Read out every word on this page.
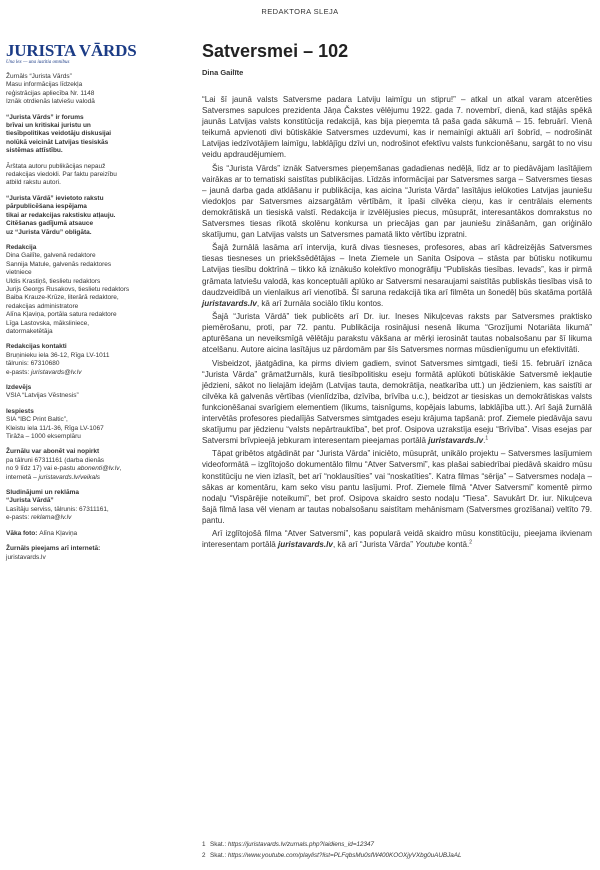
REDAKTORA SLEJA
JURISTA VĀRDS
Una lex — una iustitia omnibus
Žurnāls “Jurista Vārds”
Masu informācijas līdzekļa
reģistrācijas apliecība Nr. 1148
Iznāk otrdienās latviešu valodā
“Jurista Vārds” ir forums
brīvai un kritiskai juristu un
tiesībpolitikas veidotāju diskusijai
nolūkā veicināt Latvijas tiesiskās
sistēmas attīstību.
Ārštata autoru publikācijas nepauž
redakcijas viedokli. Par faktu pareizību
atbild rakstu autori.
“Jurista Vārdā” ievietoto rakstu
pārpublicēšana iespējama
tikai ar redakcijas rakstisku atļauju.
Citēšanas gadījumā atsauce
uz “Jurista Vārdu” obligāta.
Redakcija
Dina Gailīte, galvenā redaktore
Sannija Matule, galvenās redaktores
vietniece
Uldis Krastiņš, tieslietu redaktors
Jurijs Georgs Rusakovs, tieslietu redaktors
Baiba Krauze-Krūze, literārā redaktore,
redakcijas administratore
Alīna Kļaviņa, portāla satura redaktore
Līga Lastovska, māksliniece,
datormaketētāja
Redakcijas kontakti
Bruņinieku iela 36-12, Rīga LV-1011
tālrunis: 67310680
e-pasts: juristavards@lv.lv
Izdevējs
VSIA “Latvijas Vēstnesis”
Iespiests
SIA “IBC Print Baltic”,
Kleistu iela 11/1-36, Rīga LV-1067
Tirāža – 1000 eksemplāru
Žurnālu var abonēt vai nopirkt
pa tālruni 67311161 (darba dienās
no 9 līdz 17) vai e-pastu abonenti@lv.lv,
internetā – juristavards.lv/veikals
Sludinājumi un reklāma
“Jurista Vārdā”
Lasītāju serviss, tālrunis: 67311161,
e-pasts: reklama@lv.lv
Vāka foto: Alīna Kļaviņa
Žurnāls pieejams arī internetā:
juristavards.lv
Satversmei – 102
Dina Gailīte

“Lai šī jaunā valsts Satversme padara Latviju laimīgu un stipru!” – atkal un atkal varam atcerēties Satversmes sapulces prezidenta Jāņa Čakstes vēlējumu 1922. gada 7. novembrī, dienā, kad stājās spēkā jaunās Latvijas valsts konstitūcija redakcijā, kas bija pieņemta tā paša gada sākumā – 15. februārī. Vienā teikumā apvienoti divi būtiskākie Satversmes uzdevumi, kas ir nemainīgi aktuāli arī šobrīd, – nodrošināt Latvijas iedzīvotājiem laimīgu, labklājīgu dzīvi un, nodrošinot efektīvu valsts funkcionēšanu, sargāt to no visu veidu apdraudējumiem.

Šis “Jurista Vārds” iznāk Satversmes pieņemšanas gadadienas nedēļā, līdz ar to piedāvājam lasītājiem vairākas ar to tematiski saistītas publikācijas. Līdzās informācijai par Satversmes sarga – Satversmes tiesas – jaunā darba gada atklāšanu ir publikācija, kas aicina “Jurista Vārda” lasītājus ielūkoties Latvijas jauniešu viedokļos par Satversmes aizsargātām vērtībām, it īpaši cilvēka cieņu, kas ir centrālais elements demokrātiskā un tiesiskā valstī. Redakcija ir izvēlējusies piecus, mūsuprāt, interesantākos domrakstus no Satversmes tiesas rīkotā skolēnu konkursa un priecājas gan par jauniešu zināšanām, gan oriģinālo skatījumu, gan Latvijas valsts un Satversmes pamatā likto vērtību izpratni.

Šajā žurnālā lasāma arī intervija, kurā divas tiesneses, profesores, abas arī kādreizējās Satversmes tiesas tiesneses un priekšsēdētājas – Ineta Ziemele un Sanita Osipova – stāsta par būtisku notikumu Latvijas tiesību doktrīnā – tikko kā iznākušo kolektīvo monogrāfiju “Publiskās tiesības. Ievads”, kas ir pirmā grāmata latviešu valodā, kas konceptuāli aplūko ar Satversmi nesaraujami saistītās publiskās tiesības visā to daudzveidībā un vienlaikus arī vienotībā. Šī saruna redakcijā tika arī filmēta un šonedēļ būs skatāma portālā juristavards.lv, kā arī žurnāla sociālo tīklu kontos.

Šajā “Jurista Vārdā” tiek publicēts arī Dr. iur. Ineses Nikuļcevas raksts par Satversmes praktisko piemērošanu, proti, par 72. pantu. Publikācija rosinājusi nesenā likuma “Grozījumi Notariāta likumā” apturēšana un neveiksmīgā vēlētāju parakstu vākšana ar mērķi ierosināt tautas nobalsošanu par šī likuma atcelšanu. Autore aicina lasītājus uz pārdomām par šīs Satversmes normas mūsdienīgumu un efektivitāti.

Visbeidzot, jāatgādina, ka pirms diviem gadiem, svinot Satversmes simtgadi, tieši 15. februārī iznāca “Jurista Vārda” grāmatžurnāls, kurā tiesībpolitisku eseju formātā aplūkoti būtiskākie Satversmē iekļautie jēdzieni, sākot no lielajām idejām (Latvijas tauta, demokrātija, neatkarība utt.) un jēdzieniem, kas saistīti ar cilvēka kā galvenās vērtības (vienlīdzība, dzīvība, brīvība u.c.), beidzot ar tiesiskas un demokrātiskas valsts funkcionēšanai svarīgiem elementiem (likums, taisnīgums, kopējais labums, labklājība utt.). Arī šajā žurnālā intervētās profesores piedalījās Satversmes simtgades eseju krājuma tapšanā: prof. Ziemele piedāvāja savu skatījumu par jēdzienu “valsts nepārtrauktība”, bet prof. Osipova uzrakstīja eseju “Brīvība”. Visas esejas par Satversmi brīvpieejā jebkuram interesentam pieejamas portālā juristavards.lv.$^1$

Tāpat gribētos atgādināt par “Jurista Vārda” iniciēto, mūsuprāt, unikālo projektu – Satversmes lasījumiem videoformātā – izglītojošo dokumentālo filmu “Atver Satversmi”, kas plašai sabiedrībai piedāvā skaidro mūsu konstitūciju ne vien izlasīt, bet arī “noklausīties” vai “noskatīties”. Katra filmas “sērija” – Satversmes nodaļa – sākas ar komentāru, kam seko visu pantu lasījumi. Prof. Ziemele filmā “Atver Satversmi” komentē pirmo nodaļu “Vispārējie noteikumi”, bet prof. Osipova skaidro sesto nodaļu “Tiesa”. Savukārt Dr. iur. Nikuļceva šajā filmā lasa vēl vienam ar tautas nobalsošanu saistītam mehānismam (Satversmes grozīšanai) veltīto 79. pantu.

Arī izglītojošā filma “Atver Satversmi”, kas popularā veidā skaidro mūsu konstitūciju, pieejama ikvienam interesentam portālā juristavards.lv, kā arī “Jurista Vārda” Youtube kontā.$^2$

1 Skat.: https://juristavards.lv/zurnals.php?laidiens_id=12347
2 Skat.: https://www.youtube.com/playlist?list=PLFqbsMu0sfW400KOOXjyVXbg0uAUBJaAL
